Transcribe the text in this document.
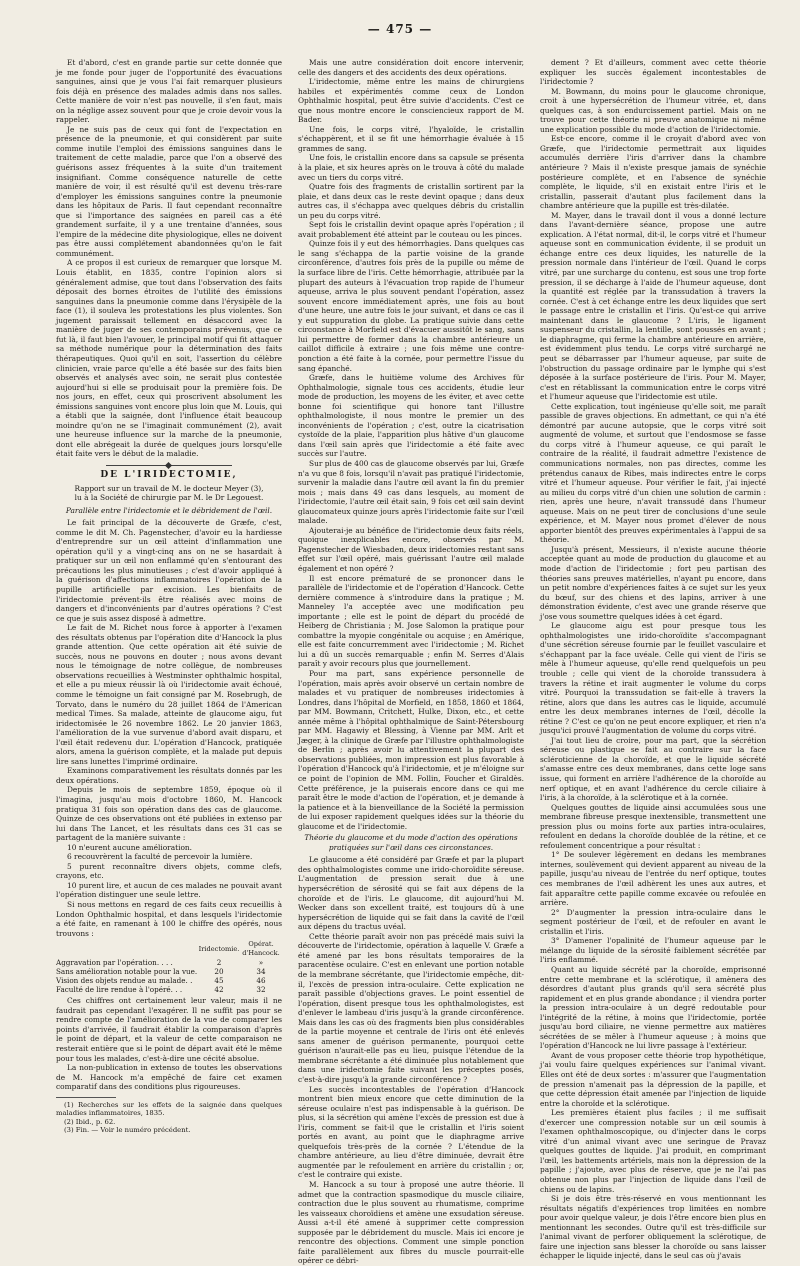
— 475 —

Et d'abord, c'est en grande partie sur cette donnée que je me fonde pour juger de l'opportunité des évacuations sanguines, ainsi que je vous l'ai fait remarquer plusieurs fois déjà en présence des malades admis dans nos salles. Cette manière de voir n'est pas nouvelle, il s'en faut, mais on la néglige assez souvent pour que je croie devoir vous la rappeler.

Je ne suis pas de ceux qui font de l'expectation en présence de la pneumonie, et qui considèrent par suite comme inutile l'emploi des émissions sanguines dans le traitement de cette maladie, parce que l'on a observé des guérisons assez fréquentes à la suite d'un traitement insignifiant. Comme conséquence naturelle de cette manière de voir, il est résulté qu'il est devenu très-rare d'employer les émissions sanguines contre la pneumonie dans les hôpitaux de Paris. Il faut cependant reconnaître que si l'importance des saignées en pareil cas a été grandement surfaite, il y a une trentaine d'années, sous l'empire de la médecine dite physiologique, elles ne doivent pas être aussi complétement abandonnées qu'on le fait communément.

A ce propos il est curieux de remarquer que lorsque M. Louis établit, en 1835, contre l'opinion alors si généralement admise, que tout dans l'observation des faits déposait des bornes étroites de l'utilité des émissions sanguines dans la pneumonie comme dans l'érysipèle de la face (1), il souleva les protestations les plus violentes. Son jugement paraissait tellement en désaccord avec la manière de juger de ses contemporains prévenus, que ce fut là, il faut bien l'avouer, le principal motif qui fit attaquer sa méthode numérique pour la détermination des faits thérapeutiques. Quoi qu'il en soit, l'assertion du célèbre clinicien, vraie parce qu'elle a été basée sur des faits bien observés et analysés avec soin, ne serait plus contestée aujourd'hui si elle se produisait pour la première fois. De nos jours, en effet, ceux qui proscrivent absolument les émissions sanguines vont encore plus loin que M. Louis, qui a établi que la saignée, dont l'influence était beaucoup moindre qu'on ne se l'imaginait communément (2), avait une heureuse influence sur la marche de la pneumonie, dont elle abrégeait la durée de quelques jours lorsqu'elle était faite vers le début de la maladie.

DE L'IRIDECTOMIE,
Rapport sur un travail de M. le docteur Meyer (3),
lu à la Société de chirurgie par M. le Dr Legouest.
Parallèle entre l'iridectomie et le débridement de l'œil.

Le fait principal de la découverte de Græfe, c'est, comme le dit M. Ch. Pagenstecher, d'avoir eu la hardiesse d'entreprendre sur un œil atteint d'inflammation une opération qu'il y a vingt-cinq ans on ne se hasardait à pratiquer sur un œil non enflammé qu'en s'entourant des précautions les plus minutieuses ; c'est d'avoir appliqué à la guérison d'affections inflammatoires l'opération de la pupille artificielle par excision. Les bienfaits de l'iridectomie prévent-ils être réalisés avec moins de dangers et d'inconvénients par d'autres opérations ? C'est ce que je suis assez disposé à admettre.

Le fait de M. Richet nous force à apporter à l'examen des résultats obtenus par l'opération dite d'Hancock la plus grande attention. Que cette opération ait été suivie de succès, nous ne pouvons en douter ; nous avons devant nous le témoignage de notre collègue, de nombreuses observations recueillies à Westminster ophthalmic hospital, et elle a pu mieux réussir là où l'iridectomie avait échoué, comme le témoigne un fait consigné par M. Rosebrugh, de Torvato, dans le numéro du 28 juillet 1864 de l'American medical Times. Sa malade, atteinte de glaucome aigu, fut iridectomisée le 26 novembre 1862. Le 20 janvier 1863, l'amélioration de la vue survenue d'abord avait disparu, et l'œil était redevenu dur. L'opération d'Hancock, pratiquée alors, amena la guérison complète, et la malade put depuis lire sans lunettes l'imprimé ordinaire.

Examinons comparativement les résultats donnés par les deux opérations.

Depuis le mois de septembre 1859, époque où il l'imagina, jusqu'au mois d'octobre 1860, M. Hancock pratiqua 31 fois son opération dans des cas de glaucome. Quinze de ces observations ont été publiées in extenso par lui dans The Lancet, et les résultats dans ces 31 cas se partagent de la manière suivante :

10 n'eurent aucune amélioration.

6 recouvrèrent la faculté de percevoir la lumière.

5 purent reconnaître divers objets, comme clefs, crayons, etc.

10 purent lire, et aucun de ces malades ne pouvait avant l'opération distinguer une seule lettre.

Si nous mettons en regard de ces faits ceux recueillis à London Ophthalmic hospital, et dans lesquels l'iridectomie a été faite, en ramenant à 100 le chiffre des opérés, nous trouvons :

	Iridectomie.	Opérat. d'Hancock.
Aggravation par l'opération. . . .	2	»
Sans amélioration notable pour la vue.	20	34
Vision des objets rendue au malade. .	45	46
Faculté de lire rendue à l'opéré. . .	42	32

Ces chiffres ont certainement leur valeur, mais il ne faudrait pas cependant l'exagérer. Il ne suffit pas pour se rendre compte de l'amélioration de la vue de comparer les points d'arrivée, il faudrait établir la comparaison d'après le point de départ, et la valeur de cette comparaison ne resterait entière que si le point de départ avait été le même pour tous les malades, c'est-à-dire une cécité absolue.

La non-publication in extenso de toutes les observations de M. Hancock m'a empêché de faire cet examen comparatif dans des conditions plus rigoureuses.

(1) Recherches sur les effets de la saignée dans quelques maladies inflammatoires, 1835.

(2) Ibid., p. 62.

(3) Fin. — Voir le numéro précédent.

Mais une autre considération doit encore intervenir, celle des dangers et des accidents des deux opérations.

L'iridectomie, même entre les mains de chirurgiens habiles et expérimentés comme ceux de London Ophthalmic hospital, peut être suivie d'accidents. C'est ce que nous montre encore le consciencieux rapport de M. Bader.

Une fois, le corps vitré, l'hyaloïde, le cristallin s'échappèrent, et il se fit une hémorrhagie évaluée à 15 grammes de sang.

Une fois, le cristallin encore dans sa capsule se présenta à la plaie, et six heures après on le trouva à côté du malade avec un tiers du corps vitré.

Quatre fois des fragments de cristallin sortirent par la plaie, et dans deux cas le reste devint opaque ; dans deux autres cas, il s'échappa avec quelques débris du cristallin un peu du corps vitré.

Sept fois le cristallin devint opaque après l'opération ; il avait probablement été atteint par le couteau ou les pinces.

Quinze fois il y eut des hémorrhagies. Dans quelques cas le sang s'échappa de la partie voisine de la grande circonférence, d'autres fois près de la pupille ou même de la surface libre de l'iris. Cette hémorrhagie, attribuée par la plupart des auteurs à l'évacuation trop rapide de l'humeur aqueuse, arriva le plus souvent pendant l'opération, assez souvent encore immédiatement après, une fois au bout d'une heure, une autre fois le jour suivant, et dans ce cas il y eut suppuration du globe. La pratique suivie dans cette circonstance à Morfield est d'évacuer aussitôt le sang, sans lui permettre de former dans la chambre antérieure un caillot difficile à extraire ; une fois même une contre-ponction a été faite à la cornée, pour permettre l'issue du sang épanché.

Græfe, dans le huitième volume des Archives für Ophthalmologie, signale tous ces accidents, étudie leur mode de production, les moyens de les éviter, et avec cette bonne foi scientifique qui honore tant l'illustre ophthalmologiste, il nous montre le premier un des inconvénients de l'opération ; c'est, outre la cicatrisation cystoïde de la plaie, l'apparition plus hâtive d'un glaucome dans l'œil sain après que l'iridectomie a été faite avec succès sur l'autre.

Sur plus de 400 cas de glaucome observés par lui, Græfe n'a vu que 8 fois, lorsqu'il n'avait pas pratiqué l'iridectomie, survenir la maladie dans l'autre œil avant la fin du premier mois ; mais dans 49 cas dans lesquels, au moment de l'iridectomie, l'autre œil était sain, 9 fois cet œil sain devint glaucomateux quinze jours après l'iridectomie faite sur l'œil malade.

Ajouterai-je au bénéfice de l'iridectomie deux faits réels, quoique inexplicables encore, observés par M. Pagenstecher de Wiesbaden, deux iridectomies restant sans effet sur l'œil opéré, mais guérissant l'autre œil malade également et non opéré ?

Il est encore prématuré de se prononcer dans le parallèle de l'iridectomie et de l'opération d'Hancock. Cette dernière commence à s'introduire dans la pratique ; M. Manneley l'a acceptée avec une modification peu importante ; elle est le point de départ du procédé de Heiberg de Christiania ; M. Jose Salomon la pratique pour combattre la myopie congénitale ou acquise ; en Amérique, elle est faite concurremment avec l'iridectomie ; M. Richet lui a dû un succès remarquable ; enfin M. Serres d'Alais paraît y avoir recours plus que journellement.

Pour ma part, sans expérience personnelle de l'opération, mais après avoir observé un certain nombre de malades et vu pratiquer de nombreuses iridectomies à Londres, dans l'hôpital de Morfield, en 1858, 1860 et 1864, par MM. Bowmann, Critchett, Hulke, Dixon, etc., et cette année même à l'hôpital ophthalmique de Saint-Pétersbourg par MM. Hagawiy et Blessing, à Vienne par MM. Arlt et Jæger, à la clinique de Græfe par l'illustre ophthalmologiste de Berlin ; après avoir lu attentivement la plupart des observations publiées, mon impression est plus favorable à l'opération d'Hancock qu'à l'iridectomie, et je m'éloigne sur ce point de l'opinion de MM. Follin, Foucher et Giraldès. Cette préférence, je la puiserais encore dans ce qui me paraît être le mode d'action de l'opération, et je demande à la patience et à la bienveillance de la Société la permission de lui exposer rapidement quelques idées sur la théorie du glaucome et de l'iridectomie.

Théorie du glaucome et du mode d'action des opérations pratiquées sur l'œil dans ces circonstances.

Le glaucome a été considéré par Græfe et par la plupart des ophthalmologistes comme une irido-choroïdite séreuse. L'augmentation de pression serait due à une hypersécrétion de sérosité qui se fait aux dépens de la choroïde et de l'iris. Le glaucome, dit aujourd'hui M. Wecker dans son excellent traité, est toujours dû à une hypersécrétion de liquide qui se fait dans la cavité de l'œil aux dépens du tractus uvéal.

Cette théorie paraît avoir non pas précédé mais suivi la découverte de l'iridectomie, opération à laquelle V. Græfe a été amené par les bons résultats temporaires de la paracentèse oculaire. C'est en enlevant une portion notable de la membrane sécrétante, que l'iridectomie empêche, dit-il, l'excès de pression intra-oculaire. Cette explication ne paraît passible d'objections graves. Le point essentiel de l'opération, disent presque tous les ophthalmologistes, est d'enlever le lambeau d'iris jusqu'à la grande circonférence. Mais dans les cas où des fragments bien plus considérables de la partie moyenne et centrale de l'iris ont été enlevés sans amener de guérison permanente, pourquoi cette guérison n'aurait-elle pas eu lieu, puisque l'étendue de la membrane sécrétante a été diminuée plus notablement que dans une iridectomie faite suivant les préceptes posés, c'est-à-dire jusqu'à la grande circonférence ?

Les succès incontestables de l'opération d'Hancock montrent bien mieux encore que cette diminution de la séreuse oculaire n'est pas indispensable à la guérison. De plus, si la sécrétion qui amène l'excès de pression est due à l'iris, comment se fait-il que le cristallin et l'iris soient portés en avant, au point que le diaphragme arrive quelquefois très-près de la cornée ? L'étendue de la chambre antérieure, au lieu d'être diminuée, devrait être augmentée par le refoulement en arrière du cristallin ; or, c'est le contraire qui existe.

M. Hancock a su tour à proposé une autre théorie. Il admet que la contraction spasmodique du muscle ciliaire, contraction due le plus souvent au rhumatisme, comprime les vaisseaux choroïdiens et amène une exsudation séreuse. Aussi a-t-il été amené à supprimer cette compression supposée par le débridement du muscle. Mais ici encore je rencontre des objections. Comment une simple ponction faite parallèlement aux fibres du muscle pourrait-elle opérer ce débri-

dement ? Et d'ailleurs, comment avec cette théorie expliquer les succès également incontestables de l'iridectomie ?

M. Bowmann, du moins pour le glaucome chronique, croit à une hypersécrétion de l'humeur vitrée, et, dans quelques cas, à son endurcissement partiel. Mais on ne trouve pour cette théorie ni preuve anatomique ni même une explication possible du mode d'action de l'iridectomie.

Est-ce encore, comme il le croyait d'abord avec von Græfe, que l'iridectomie permettrait aux liquides accumulés derrière l'iris d'arriver dans la chambre antérieure ? Mais il n'existe presque jamais de synéchie postérieure complète, et en l'absence de synéchie complète, le liquide, s'il en existait entre l'iris et le cristallin, passerait d'autant plus facilement dans la chambre antérieure que la pupille est très-dilatée.

M. Mayer, dans le travail dont il vous a donné lecture dans l'avant-dernière séance, propose une autre explication. A l'état normal, dit-il, le corps vitré et l'humeur aqueuse sont en communication évidente, il se produit un échange entre ces deux liquides, les naturelle de la pression normale dans l'intérieur de l'œil. Quand le corps vitré, par une surcharge du contenu, est sous une trop forte pression, il se décharge à l'aide de l'humeur aqueuse, dont la quantité est réglée par la transsudation à travers la cornée. C'est à cet échange entre les deux liquides que sert le passage entre le cristallin et l'iris. Qu'est-ce qui arrive maintenant dans le glaucome ? L'iris, le ligament suspenseur du cristallin, la lentille, sont poussés en avant ; le diaphragme, qui ferme la chambre antérieure en arrière, est évidemment plus tendu. Le corps vitré surchargé ne peut se débarrasser par l'humeur aqueuse, par suite de l'obstruction du passage ordinaire par le lymphe qui s'est déposée à la surface postérieure de l'iris. Pour M. Mayer, c'est en rétablissant la communication entre le corps vitré et l'humeur aqueuse que l'iridectomie est utile.

Cette explication, tout ingénieuse qu'elle soit, me paraît passible de graves objections. En admettant, ce qui n'a été démontré par aucune autopsie, que le corps vitré soit augmenté de volume, et surtout que l'endosmose se fasse du corps vitré à l'humeur aqueuse, ce qui paraît le contraire de la réalité, il faudrait admettre l'existence de communications normales, non pas directes, comme les prétendus canaux de Ribes, mais indirectes entre le corps vitré et l'humeur aqueuse. Pour vérifier le fait, j'ai injecté au milieu du corps vitré d'un chien une solution de carmin : rien, après une heure, n'avait transsudé dans l'humeur aqueuse. Mais on ne peut tirer de conclusions d'une seule expérience, et M. Mayer nous promet d'élever de nous apporter bientôt des preuves expérimentales à l'appui de sa théorie.

Jusqu'à présent, Messieurs, il n'existe aucune théorie acceptée quant au mode de production du glaucome et au mode d'action de l'iridectomie ; fort peu partisan des théories sans preuves matérielles, n'ayant pu encore, dans un petit nombre d'expériences faites à ce sujet sur les yeux du bœuf, sur des chiens et des lapins, arriver à une démonstration évidente, c'est avec une grande réserve que j'ose vous soumettre quelques idées à cet égard.

Le glaucome aigu est pour presque tous les ophthalmologistes une irido-choroïdite s'accompagnant d'une sécrétion séreuse fournie par le feuillet vasculaire et s'échappant par la face uvéale. Celle qui vient de l'iris se mêle à l'humeur aqueuse, qu'elle rend quelquefois un peu trouble ; celle qui vient de la choroïde transsudera à travers la rétine et irait augmenter le volume du corps vitré. Pourquoi la transsudation se fait-elle à travers la rétine, alors que dans les autres cas le liquide, accumulé entre les deux membranes internes de l'œil, décolle la rétine ? C'est ce qu'on ne peut encore expliquer, et rien n'a jusqu'ici prouvé l'augmentation de volume du corps vitré.

J'ai tout lieu de croire, pour ma part, que la sécrétion séreuse ou plastique se fait au contraire sur la face scléroticienne de la choroïde, et que le liquide sécrété s'amasse entre ces deux membranes, dans cette loge sans issue, qui forment en arrière l'adhérence de la choroïde au nerf optique, et en avant l'adhérence du cercle ciliaire à l'iris, à la choroïde, à la sclérotique et à la cornée.

Quelques gouttes de liquide ainsi accumulées sous une membrane fibreuse presque inextensible, transmettent une pression plus ou moins forte aux parties intra-oculaires, refoulent en dedans la choroïde doublée de la rétine, et ce refoulement concentrique a pour résultat :

1° De soulever légèrement en dedans les membranes internes, soulèvement qui devient apparent au niveau de la papille, jusqu'au niveau de l'entrée du nerf optique, toutes ces membranes de l'œil adhèrent les unes aux autres, et fait apparaître cette papille comme excavée ou refoulée en arrière.

2° D'augmenter la pression intra-oculaire dans le segment postérieur de l'œil, et de refouler en avant le cristallin et l'iris.

3° D'amener l'opalinité de l'humeur aqueuse par le mélange du liquide de la sérosité faiblement sécrétée par l'iris enflammé.

Quant au liquide sécrété par la choroïde, emprisonné entre cette membrane et la sclérotique, il amènera des désordres d'autant plus grands qu'il sera sécrété plus rapidement et en plus grande abondance ; il viendra porter la pression intra-oculaire à un degré redoutable pour l'intégrité de la rétine, à moins que l'iridectomie, portée jusqu'au bord ciliaire, ne vienne permettre aux matières sécrétées de se mêler à l'humeur aqueuse ; à moins que l'opération d'Hancock ne lui livre passage à l'extérieur.

Avant de vous proposer cette théorie trop hypothétique, j'ai voulu faire quelques expériences sur l'animal vivant. Elles ont été de deux sortes : m'assurer que l'augmentation de pression n'amenait pas la dépression de la papille, et que cette dépression était amenée par l'injection de liquide entre la choroïde et la sclérotique.

Les premières étaient plus faciles ; il me suffisait d'exercer une compression notable sur un œil soumis à l'examen ophthalmoscopique, ou d'injecter dans le corps vitré d'un animal vivant avec une seringue de Pravaz quelques gouttes de liquide. J'ai produit, en comprimant l'œil, les battements artériels, mais non la dépression de la papille ; j'ajoute, avec plus de réserve, que je ne l'ai pas obtenue non plus par l'injection de liquide dans l'œil de chiens ou de lapins.

Si je dois être très-réservé en vous mentionnant les résultats négatifs d'expériences trop limitées en nombre pour avoir quelque valeur, je dois l'être encore bien plus en mentionnant les secondes. Outre qu'il est très-difficile sur l'animal vivant de perforer obliquement la sclérotique, de faire une injection sans blesser la choroïde ou sans laisser échapper le liquide injecté, dans le seul cas où j'avais
